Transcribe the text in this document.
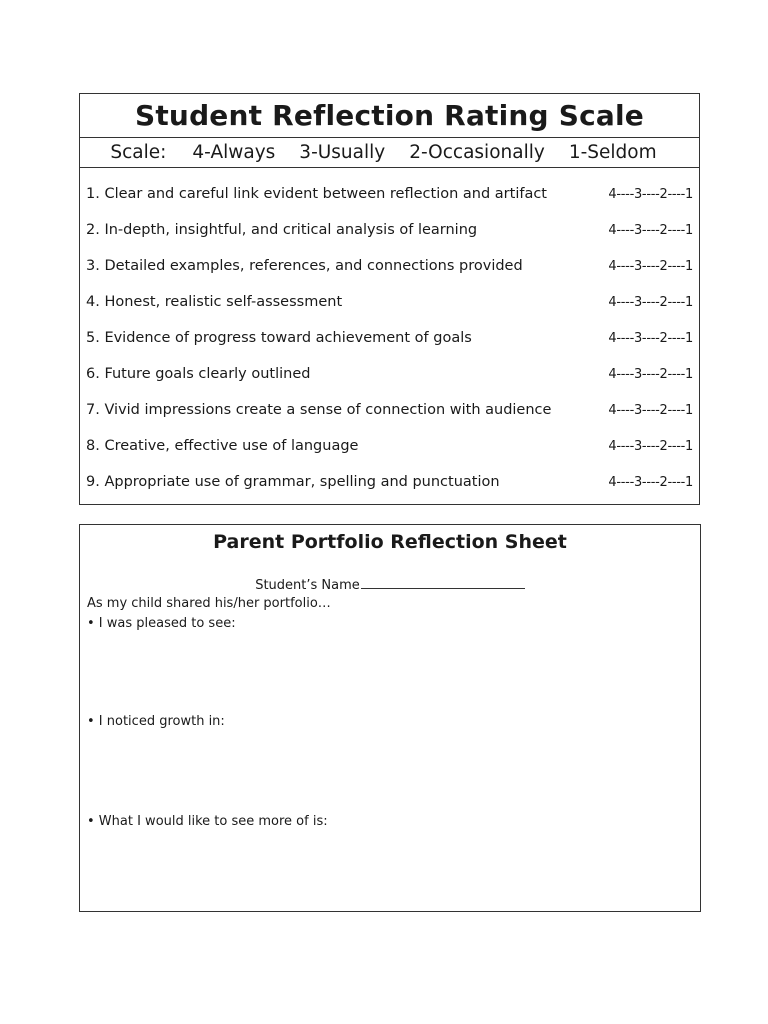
Student Reflection Rating Scale
Scale: 4-Always 3-Usually 2-Occasionally 1-Seldom
1. Clear and careful link evident between reflection and artifact	4----3----2----1
2. In-depth, insightful, and critical analysis of learning	4----3----2----1
3. Detailed examples, references, and connections provided	4----3----2----1
4. Honest, realistic self-assessment	4----3----2----1
5. Evidence of progress toward achievement of goals	4----3----2----1
6. Future goals clearly outlined	4----3----2----1
7. Vivid impressions create a sense of connection with audience	4----3----2----1
8. Creative, effective use of language	4----3----2----1
9. Appropriate use of grammar, spelling and punctuation	4----3----2----1
Parent Portfolio Reflection Sheet
Student’s Name
As my child shared his/her portfolio…
• I was pleased to see:
• I noticed growth in:
• What I would like to see more of is:
